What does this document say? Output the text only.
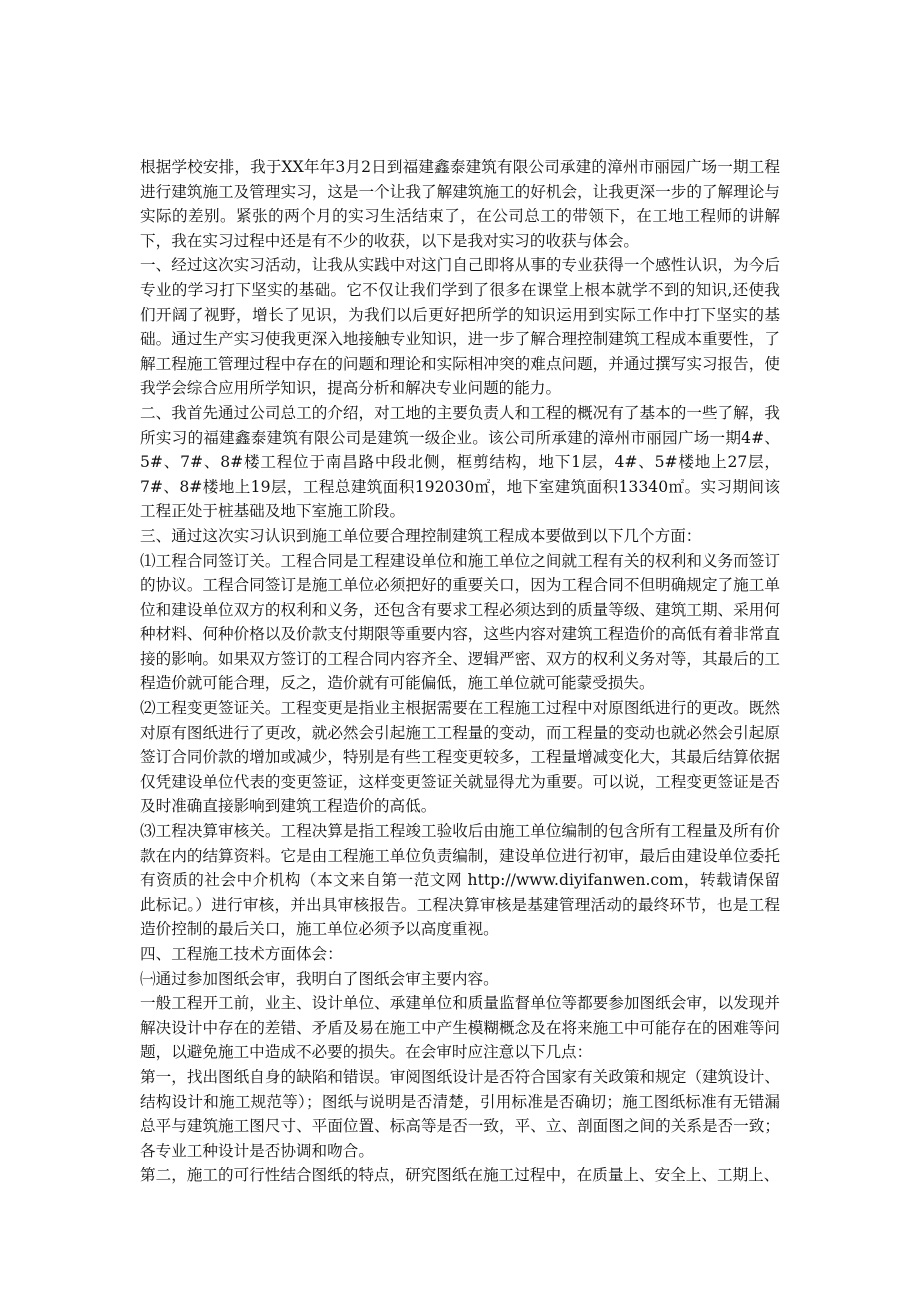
根据学校安排，我于XX年年3月2日到福建鑫泰建筑有限公司承建的漳州市丽园广场一期工程进行建筑施工及管理实习，这是一个让我了解建筑施工的好机会，让我更深一步的了解理论与实际的差别。紧张的两个月的实习生活结束了，在公司总工的带领下，在工地工程师的讲解下，我在实习过程中还是有不少的收获，以下是我对实习的收获与体会。

一、经过这次实习活动，让我从实践中对这门自己即将从事的专业获得一个感性认识，为今后专业的学习打下坚实的基础。它不仅让我们学到了很多在课堂上根本就学不到的知识,还使我们开阔了视野，增长了见识，为我们以后更好把所学的知识运用到实际工作中打下坚实的基础。通过生产实习使我更深入地接触专业知识，进一步了解合理控制建筑工程成本重要性，了解工程施工管理过程中存在的问题和理论和实际相冲突的难点问题，并通过撰写实习报告，使我学会综合应用所学知识，提高分析和解决专业问题的能力。

二、我首先通过公司总工的介绍，对工地的主要负责人和工程的概况有了基本的一些了解，我所实习的福建鑫泰建筑有限公司是建筑一级企业。该公司所承建的漳州市丽园广场一期4#、5#、7#、8#楼工程位于南昌路中段北侧，框剪结构，地下1层，4#、5#楼地上27层，7#、8#楼地上19层，工程总建筑面积192030㎡，地下室建筑面积13340㎡。实习期间该工程正处于桩基础及地下室施工阶段。

三、通过这次实习认识到施工单位要合理控制建筑工程成本要做到以下几个方面：

⑴工程合同签订关。工程合同是工程建设单位和施工单位之间就工程有关的权利和义务而签订的协议。工程合同签订是施工单位必须把好的重要关口，因为工程合同不但明确规定了施工单位和建设单位双方的权利和义务，还包含有要求工程必须达到的质量等级、建筑工期、采用何种材料、何种价格以及价款支付期限等重要内容，这些内容对建筑工程造价的高低有着非常直接的影响。如果双方签订的工程合同内容齐全、逻辑严密、双方的权利义务对等，其最后的工程造价就可能合理，反之，造价就有可能偏低，施工单位就可能蒙受损失。

⑵工程变更签证关。工程变更是指业主根据需要在工程施工过程中对原图纸进行的更改。既然对原有图纸进行了更改，就必然会引起施工工程量的变动，而工程量的变动也就必然会引起原签订合同价款的增加或减少，特别是有些工程变更较多，工程量增减变化大，其最后结算依据仅凭建设单位代表的变更签证，这样变更签证关就显得尤为重要。可以说，工程变更签证是否及时准确直接影响到建筑工程造价的高低。

⑶工程决算审核关。工程决算是指工程竣工验收后由施工单位编制的包含所有工程量及所有价款在内的结算资料。它是由工程施工单位负责编制，建设单位进行初审，最后由建设单位委托有资质的社会中介机构（本文来自第一范文网 http://www.diyifanwen.com，转载请保留此标记。）进行审核，并出具审核报告。工程决算审核是基建管理活动的最终环节，也是工程造价控制的最后关口，施工单位必须予以高度重视。

四、工程施工技术方面体会：

㈠通过参加图纸会审，我明白了图纸会审主要内容。

一般工程开工前，业主、设计单位、承建单位和质量监督单位等都要参加图纸会审，以发现并解决设计中存在的差错、矛盾及易在施工中产生模糊概念及在将来施工中可能存在的困难等问题，以避免施工中造成不必要的损失。在会审时应注意以下几点：

第一，找出图纸自身的缺陷和错误。审阅图纸设计是否符合国家有关政策和规定（建筑设计、结构设计和施工规范等）；图纸与说明是否清楚，引用标准是否确切；施工图纸标准有无错漏 总平与建筑施工图尺寸、平面位置、标高等是否一致，平、立、剖面图之间的关系是否一致；各专业工种设计是否协调和吻合。

第二，施工的可行性结合图纸的特点，研究图纸在施工过程中，在质量上、安全上、工期上、
